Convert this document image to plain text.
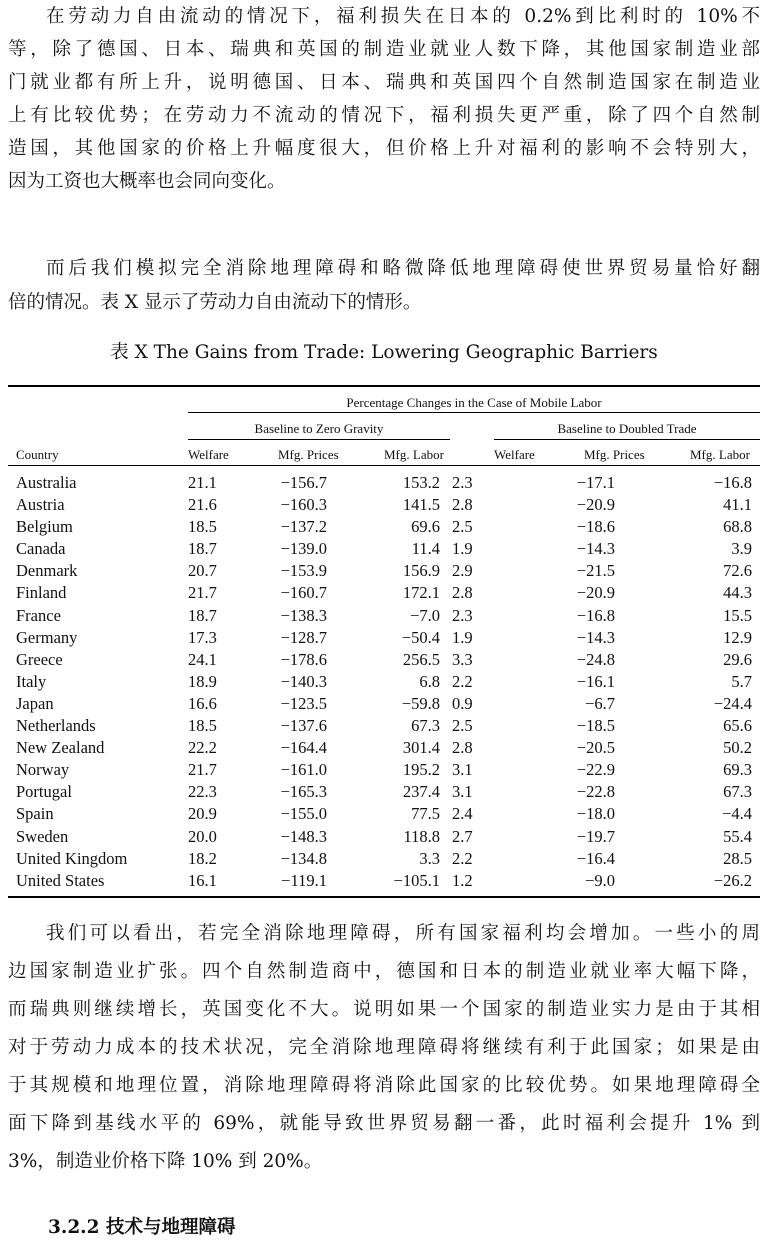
在劳动力自由流动的情况下，福利损失在日本的 0.2%到比利时的 10%不
等，除了德国、日本、瑞典和英国的制造业就业人数下降，其他国家制造业部
门就业都有所上升，说明德国、日本、瑞典和英国四个自然制造国家在制造业
上有比较优势；在劳动力不流动的情况下，福利损失更严重，除了四个自然制
造国，其他国家的价格上升幅度很大，但价格上升对福利的影响不会特别大，
因为工资也大概率也会同向变化。
而后我们模拟完全消除地理障碍和略微降低地理障碍使世界贸易量恰好翻
倍的情况。表 X 显示了劳动力自由流动下的情形。
表 X The Gains from Trade: Lowering Geographic Barriers
Percentage Changes in the Case of Mobile Labor
Baseline to Zero Gravity	Baseline to Doubled Trade
Country	Welfare	Mfg. Prices	Mfg. Labor	Welfare	Mfg. Prices	Mfg. Labor
Australia	21.1	−156.7	153.2	2.3	−17.1	−16.8
Austria	21.6	−160.3	141.5	2.8	−20.9	41.1
Belgium	18.5	−137.2	69.6	2.5	−18.6	68.8
Canada	18.7	−139.0	11.4	1.9	−14.3	3.9
Denmark	20.7	−153.9	156.9	2.9	−21.5	72.6
Finland	21.7	−160.7	172.1	2.8	−20.9	44.3
France	18.7	−138.3	−7.0	2.3	−16.8	15.5
Germany	17.3	−128.7	−50.4	1.9	−14.3	12.9
Greece	24.1	−178.6	256.5	3.3	−24.8	29.6
Italy	18.9	−140.3	6.8	2.2	−16.1	5.7
Japan	16.6	−123.5	−59.8	0.9	−6.7	−24.4
Netherlands	18.5	−137.6	67.3	2.5	−18.5	65.6
New Zealand	22.2	−164.4	301.4	2.8	−20.5	50.2
Norway	21.7	−161.0	195.2	3.1	−22.9	69.3
Portugal	22.3	−165.3	237.4	3.1	−22.8	67.3
Spain	20.9	−155.0	77.5	2.4	−18.0	−4.4
Sweden	20.0	−148.3	118.8	2.7	−19.7	55.4
United Kingdom	18.2	−134.8	3.3	2.2	−16.4	28.5
United States	16.1	−119.1	−105.1	1.2	−9.0	−26.2
我们可以看出，若完全消除地理障碍，所有国家福利均会增加。一些小的周
边国家制造业扩张。四个自然制造商中，德国和日本的制造业就业率大幅下降，
而瑞典则继续增长，英国变化不大。说明如果一个国家的制造业实力是由于其相
对于劳动力成本的技术状况，完全消除地理障碍将继续有利于此国家；如果是由
于其规模和地理位置，消除地理障碍将消除此国家的比较优势。如果地理障碍全
面下降到基线水平的 69%，就能导致世界贸易翻一番，此时福利会提升 1% 到
3%，制造业价格下降 10% 到 20%。
3.2.2 技术与地理障碍
